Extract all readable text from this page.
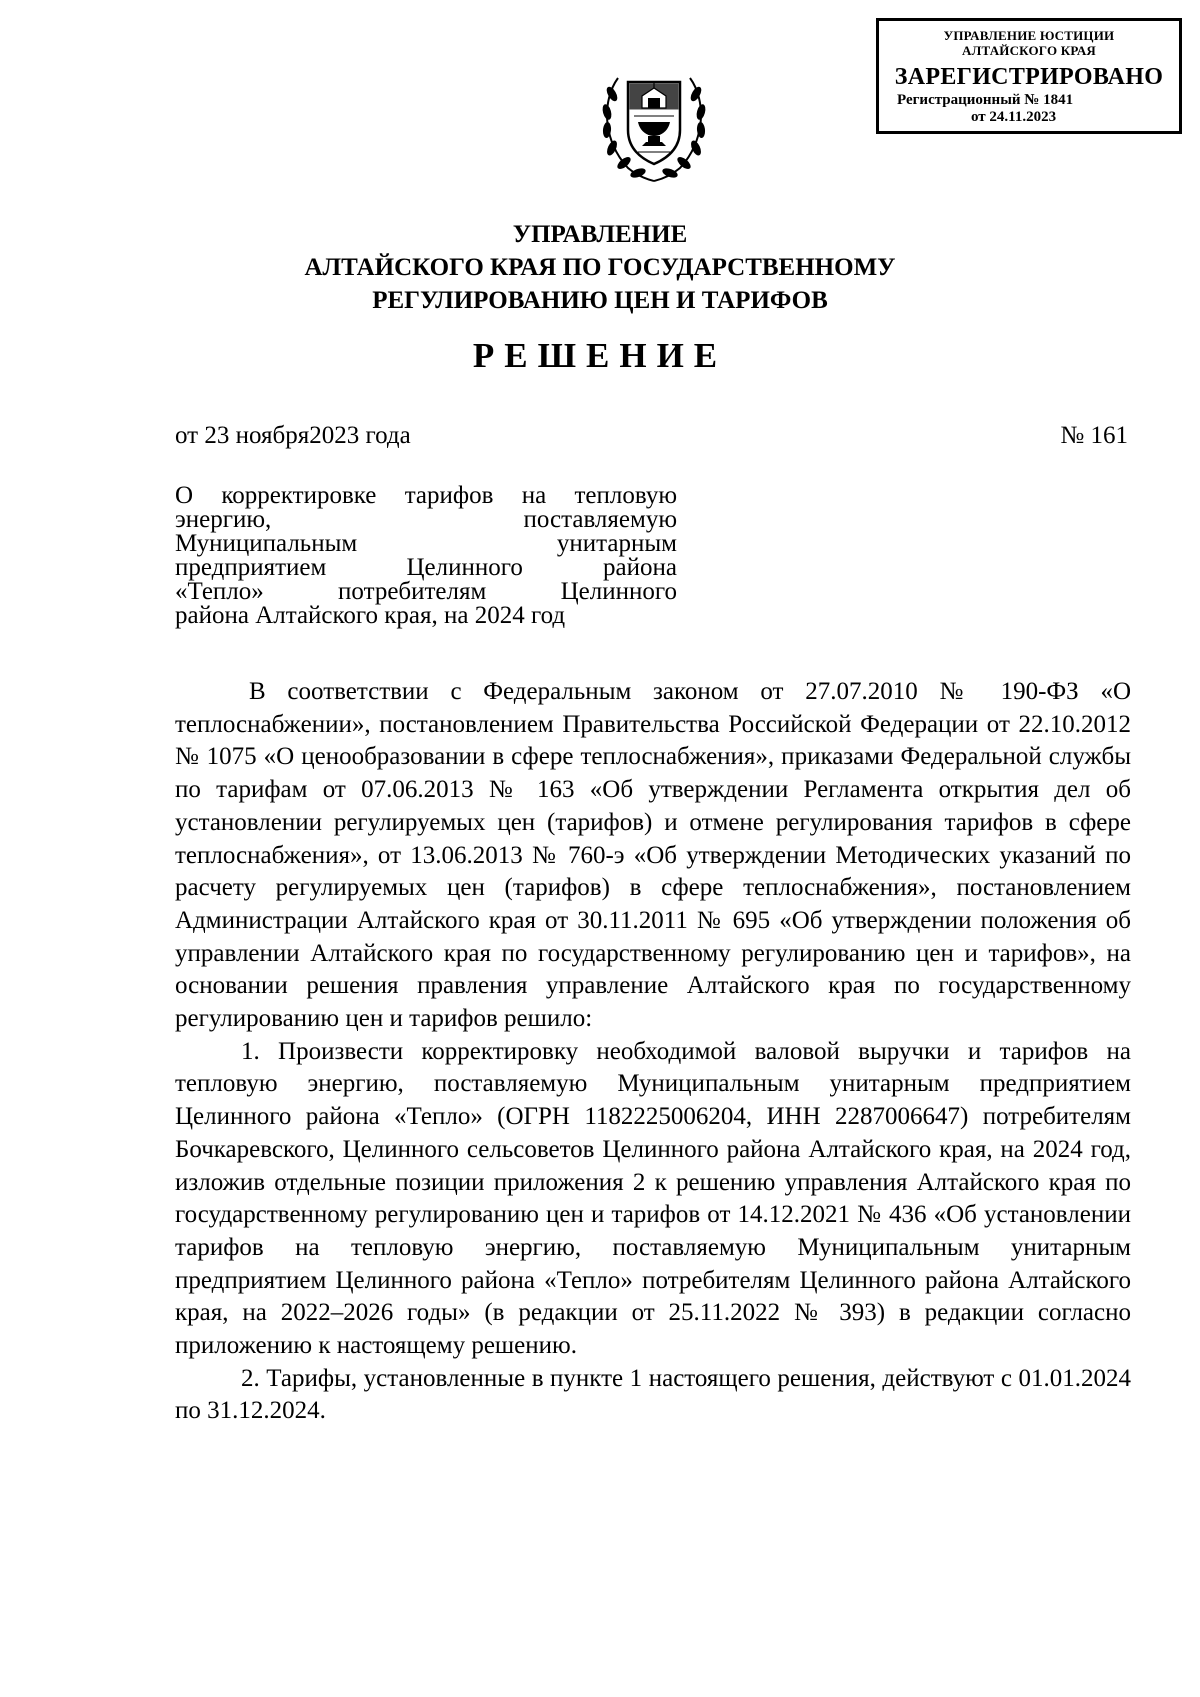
УПРАВЛЕНИЕ ЮСТИЦИИ
АЛТАЙСКОГО КРАЯ
ЗАРЕГИСТРИРОВАНО
Регистрационный № 1841
от 24.11.2023
УПРАВЛЕНИЕ
АЛТАЙСКОГО КРАЯ ПО ГОСУДАРСТВЕННОМУ
РЕГУЛИРОВАНИЮ ЦЕН И ТАРИФОВ
РЕШЕНИЕ
от 23 ноября2023 года	№ 161
О корректировке тарифов на тепловую
энергию, поставляемую
Муниципальным унитарным
предприятием Целинного района
«Тепло» потребителям Целинного
района Алтайского края, на 2024 год

В соответствии с Федеральным законом от 27.07.2010 № 190-ФЗ «О теплоснабжении», постановлением Правительства Российской Федерации от 22.10.2012 № 1075 «О ценообразовании в сфере теплоснабжения», приказами Федеральной службы по тарифам от 07.06.2013 № 163 «Об утверждении Регламента открытия дел об установлении регулируемых цен (тарифов) и отмене регулирования тарифов в сфере теплоснабжения», от 13.06.2013 № 760-э «Об утверждении Методических указаний по расчету регулируемых цен (тарифов) в сфере теплоснабжения», постановлением Администрации Алтайского края от 30.11.2011 № 695 «Об утверждении положения об управлении Алтайского края по государственному регулированию цен и тарифов», на основании решения правления управление Алтайского края по государственному регулированию цен и тарифов решило:

1. Произвести корректировку необходимой валовой выручки и тарифов на тепловую энергию, поставляемую Муниципальным унитарным предприятием Целинного района «Тепло» (ОГРН 1182225006204, ИНН 2287006647) потребителям Бочкаревского, Целинного сельсоветов Целинного района Алтайского края, на 2024 год, изложив отдельные позиции приложения 2 к решению управления Алтайского края по государственному регулированию цен и тарифов от 14.12.2021 № 436 «Об установлении тарифов на тепловую энергию, поставляемую Муниципальным унитарным предприятием Целинного района «Тепло» потребителям Целинного района Алтайского края, на 2022–2026 годы» (в редакции от 25.11.2022 № 393) в редакции согласно приложению к настоящему решению.

2. Тарифы, установленные в пункте 1 настоящего решения, действуют с 01.01.2024 по 31.12.2024.
